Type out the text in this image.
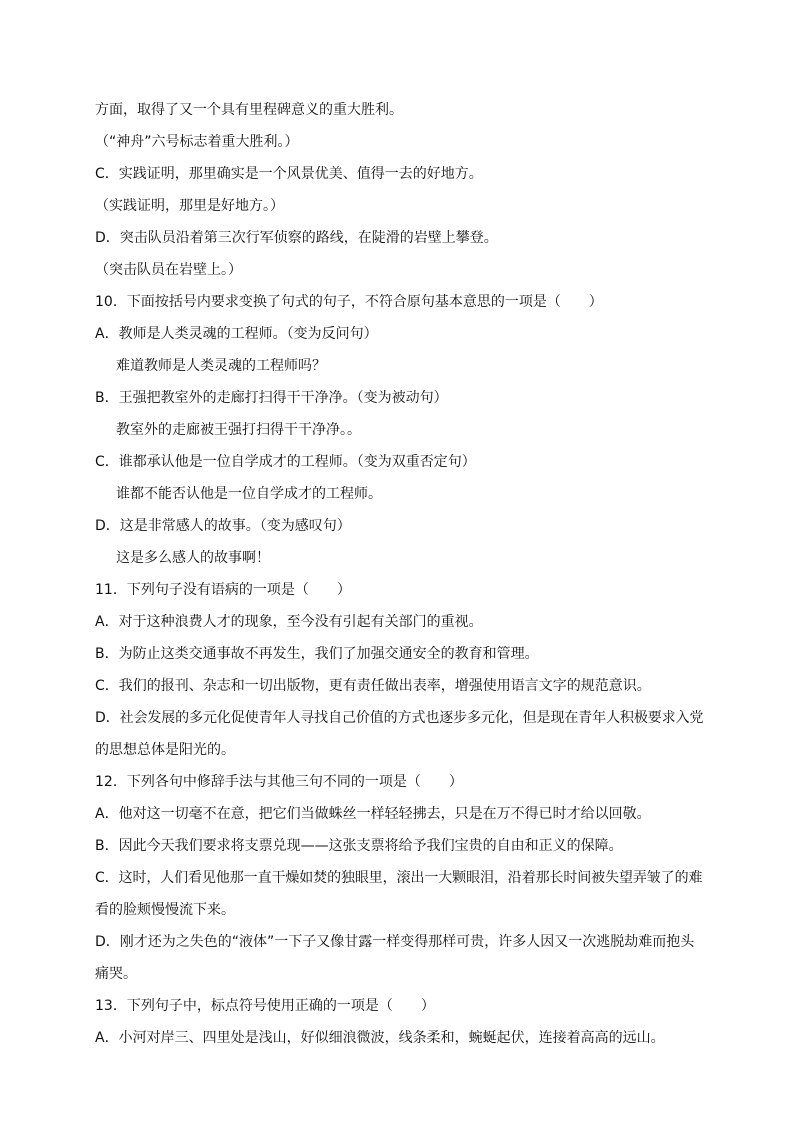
方面，取得了又一个具有里程碑意义的重大胜利。
（“神舟”六号标志着重大胜利。）
C．实践证明，那里确实是一个风景优美、值得一去的好地方。
（实践证明，那里是好地方。）
D．突击队员沿着第三次行军侦察的路线，在陡滑的岩壁上攀登。
（突击队员在岩壁上。）
10．下面按括号内要求变换了句式的句子，不符合原句基本意思的一项是（　　）
A．教师是人类灵魂的工程师。（变为反问句）
难道教师是人类灵魂的工程师吗？
B．王强把教室外的走廊打扫得干干净净。（变为被动句）
教室外的走廊被王强打扫得干干净净。。
C．谁都承认他是一位自学成才的工程师。（变为双重否定句）
谁都不能否认他是一位自学成才的工程师。
D．这是非常感人的故事。（变为感叹句）
这是多么感人的故事啊！
11．下列句子没有语病的一项是（　　）
A．对于这种浪费人才的现象，至今没有引起有关部门的重视。
B．为防止这类交通事故不再发生，我们了加强交通安全的教育和管理。
C．我们的报刊、杂志和一切出版物，更有责任做出表率，增强使用语言文字的规范意识。
D．社会发展的多元化促使青年人寻找自己价值的方式也逐步多元化，但是现在青年人积极要求入党
的思想总体是阳光的。
12．下列各句中修辞手法与其他三句不同的一项是（　　）
A．他对这一切毫不在意，把它们当做蛛丝一样轻轻拂去，只是在万不得已时才给以回敬。
B．因此今天我们要求将支票兑现——这张支票将给予我们宝贵的自由和正义的保障。
C．这时，人们看见他那一直干燥如焚的独眼里，滚出一大颗眼泪，沿着那长时间被失望弄皱了的难
看的脸颊慢慢流下来。
D．刚才还为之失色的“液体”一下子又像甘露一样变得那样可贵，许多人因又一次逃脱劫难而抱头
痛哭。
13．下列句子中，标点符号使用正确的一项是（　　）
A．小河对岸三、四里处是浅山，好似细浪微波，线条柔和，蜿蜒起伏，连接着高高的远山。
